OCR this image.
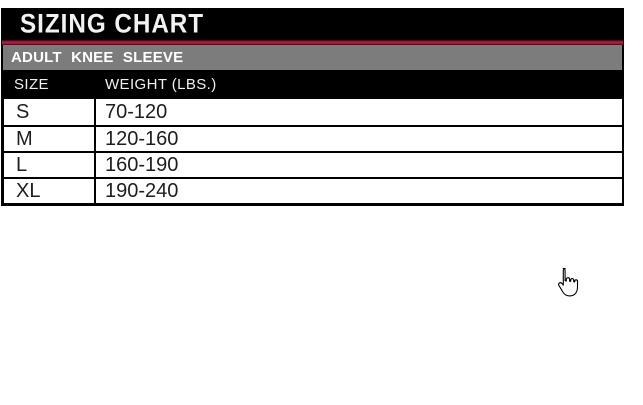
SIZING CHART
ADULT KNEE SLEEVE
SIZE	WEIGHT (LBS.)
S	70-120
M	120-160
L	160-190
XL	190-240
